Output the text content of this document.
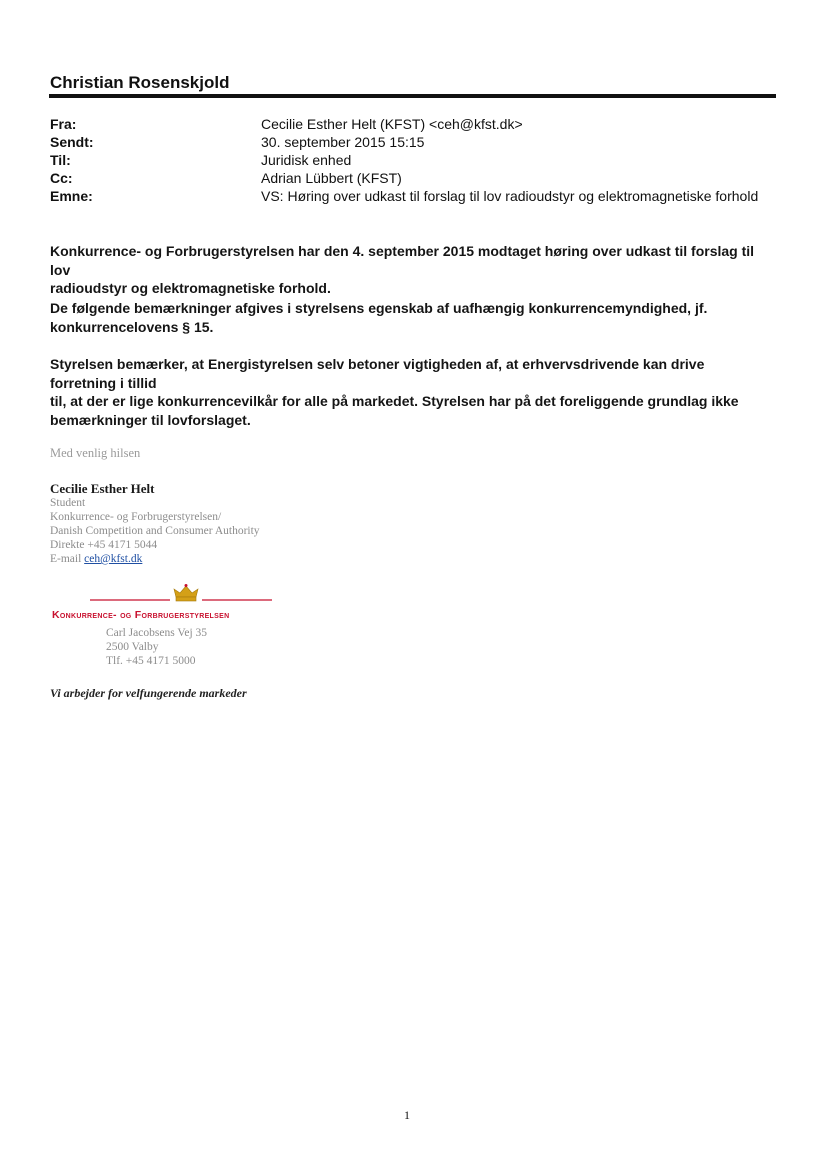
Christian Rosenskjold
Fra:	Cecilie Esther Helt (KFST) <ceh@kfst.dk>
Sendt:	30. september 2015 15:15
Til:	Juridisk enhed
Cc:	Adrian Lübbert (KFST)
Emne:	VS: Høring over udkast til forslag til lov radioudstyr og elektromagnetiske forhold

Konkurrence- og Forbrugerstyrelsen har den 4. september 2015 modtaget høring over udkast til forslag til lov

radioudstyr og elektromagnetiske forhold.

De følgende bemærkninger afgives i styrelsens egenskab af uafhængig konkurrencemyndighed, jf.

konkurrencelovens § 15.

Styrelsen bemærker, at Energistyrelsen selv betoner vigtigheden af, at erhvervsdrivende kan drive forretning i tillid

til, at der er lige konkurrencevilkår for alle på markedet. Styrelsen har på det foreliggende grundlag ikke

bemærkninger til lovforslaget.

Med venlig hilsen
Cecilie Esther Helt
Student
Konkurrence- og Forbrugerstyrelsen/
Danish Competition and Consumer Authority
Direkte +45 4171 5044
E-mail ceh@kfst.dk
Konkurrence- og Forbrugerstyrelsen
Carl Jacobsens Vej 35
2500 Valby
Tlf. +45 4171 5000
Vi arbejder for velfungerende markeder
1
